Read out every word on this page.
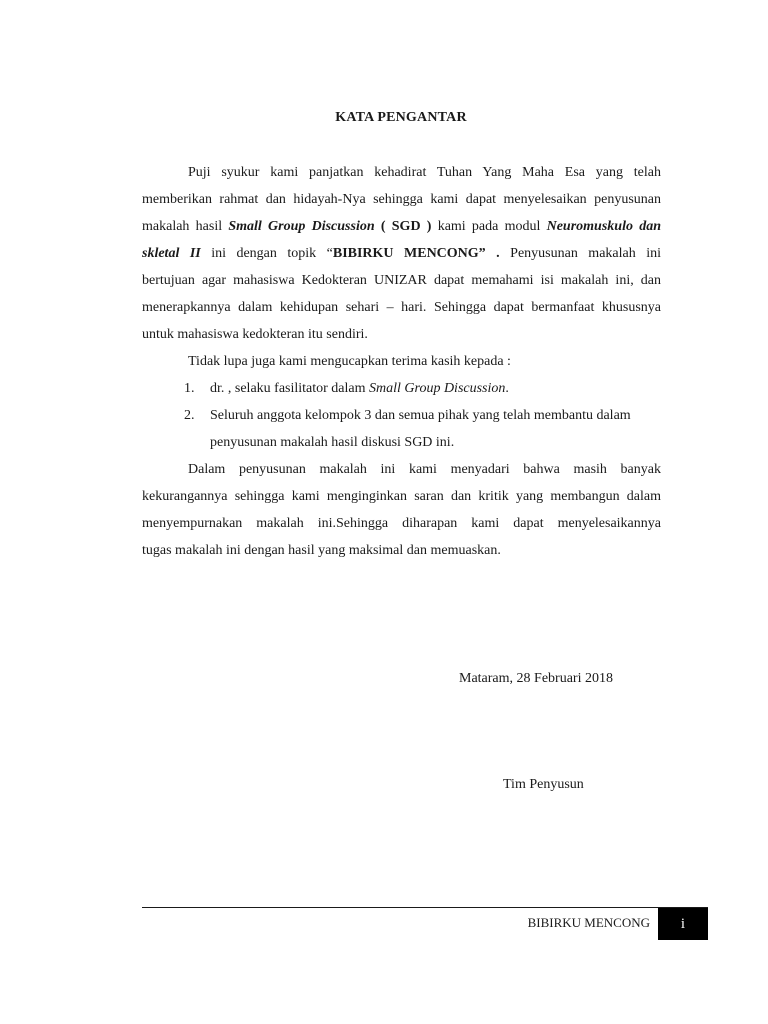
KATA PENGANTAR

Puji syukur kami panjatkan kehadirat Tuhan Yang Maha Esa yang telah

memberikan rahmat dan hidayah-Nya sehingga kami dapat menyelesaikan penyusunan

makalah hasil Small Group Discussion ( SGD ) kami pada modul Neuromuskulo dan

skletal II ini dengan topik “BIBIRKU MENCONG” . Penyusunan makalah ini

bertujuan agar mahasiswa Kedokteran UNIZAR dapat memahami isi makalah ini, dan

menerapkannya dalam kehidupan sehari – hari. Sehingga dapat bermanfaat khususnya

untuk mahasiswa kedokteran itu sendiri.

Tidak lupa juga kami mengucapkan terima kasih kepada :

1. dr. , selaku fasilitator dalam Small Group Discussion.
2. Seluruh anggota kelompok 3 dan semua pihak yang telah membantu dalam
penyusunan makalah hasil diskusi SGD ini.

Dalam penyusunan makalah ini kami menyadari bahwa masih banyak

kekurangannya sehingga kami menginginkan saran dan kritik yang membangun dalam

menyempurnakan makalah ini.Sehingga diharapan kami dapat menyelesaikannya

tugas makalah ini dengan hasil yang maksimal dan memuaskan.

Mataram, 28 Februari 2018
Tim Penyusun
BIBIRKU MENCONG	i
